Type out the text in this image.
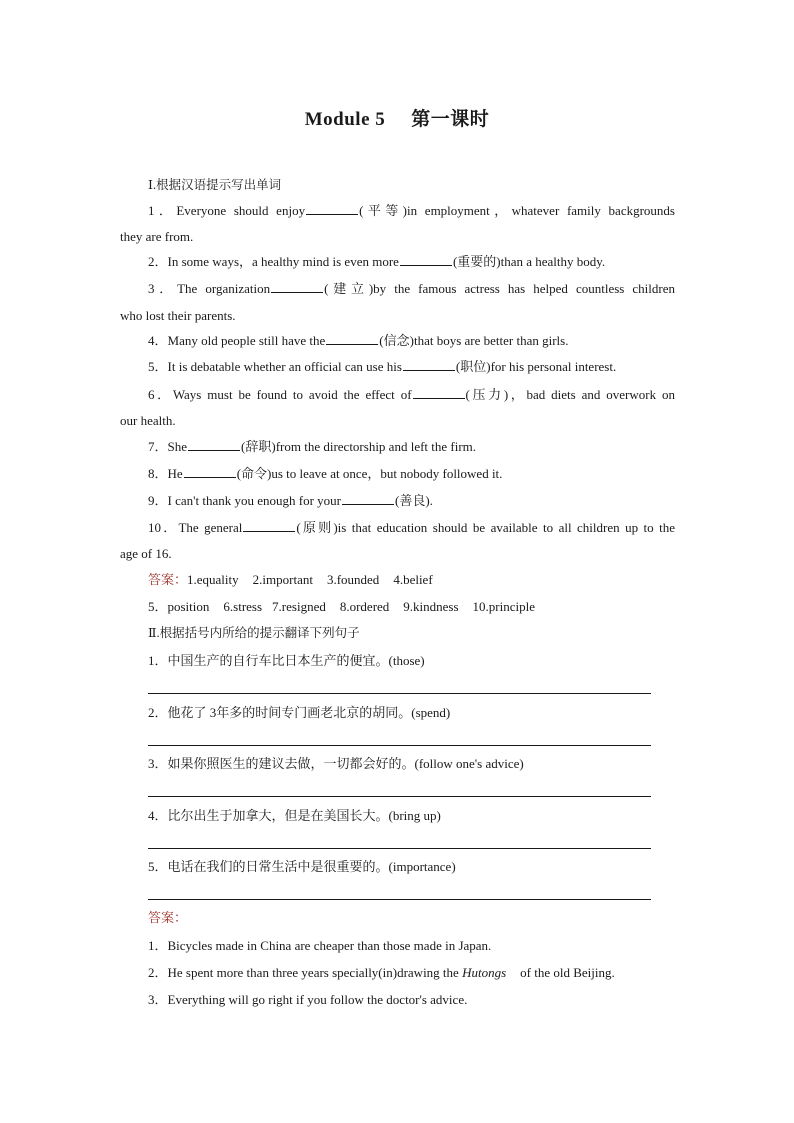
Module 5 第一课时
Ⅰ.根据汉语提示写出单词
1．Everyone should enjoy	(平等)in employment，whatever family backgrounds
they are from.
2．In some ways，a healthy mind is even more	(重要的)than a healthy body.
3．The organization	(建立)by the famous actress has helped countless children
who lost their parents.
4．Many old people still have the	(信念)that boys are better than girls.
5．It is debatable whether an official can use his	(职位)for his personal interest.
6．Ways must be found to avoid the effect of	(压力)，bad diets and overwork on
our health.
7．She	(辞职)from the directorship and left the firm.
8．He	(命令)us to leave at once，but nobody followed it.
9．I can't thank you enough for your	(善良).
10．The general	(原则)is that education should be available to all children up to the
age of 16.
答案：1.equality 2.important 3.founded 4.belief
5．position 6.stress 7.resigned 8.ordered 9.kindness 10.principle
Ⅱ.根据括号内所给的提示翻译下列句子
1．中国生产的自行车比日本生产的便宜。(those)
2．他花了 3年多的时间专门画老北京的胡同。(spend)
3．如果你照医生的建议去做，一切都会好的。(follow one's advice)
4．比尔出生于加拿大，但是在美国长大。(bring up)
5．电话在我们的日常生活中是很重要的。(importance)
答案：
1．Bicycles made in China are cheaper than those made in Japan.
2．He spent more than three years specially(in)drawing the Hutongs of the old Beijing.
3．Everything will go right if you follow the doctor's advice.
